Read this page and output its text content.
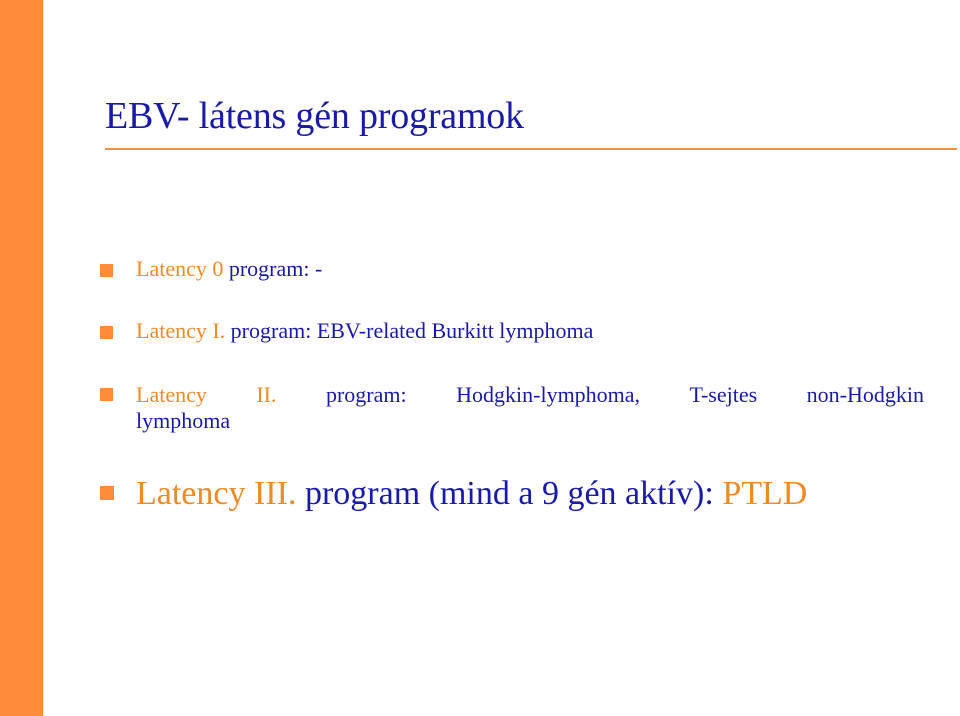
EBV- látens gén programok
Latency 0 program: -
Latency I. program: EBV-related Burkitt lymphoma
Latency II. program: Hodgkin-lymphoma, T-sejtes non-Hodgkin
lymphoma
Latency III. program (mind a 9 gén aktív): PTLD
